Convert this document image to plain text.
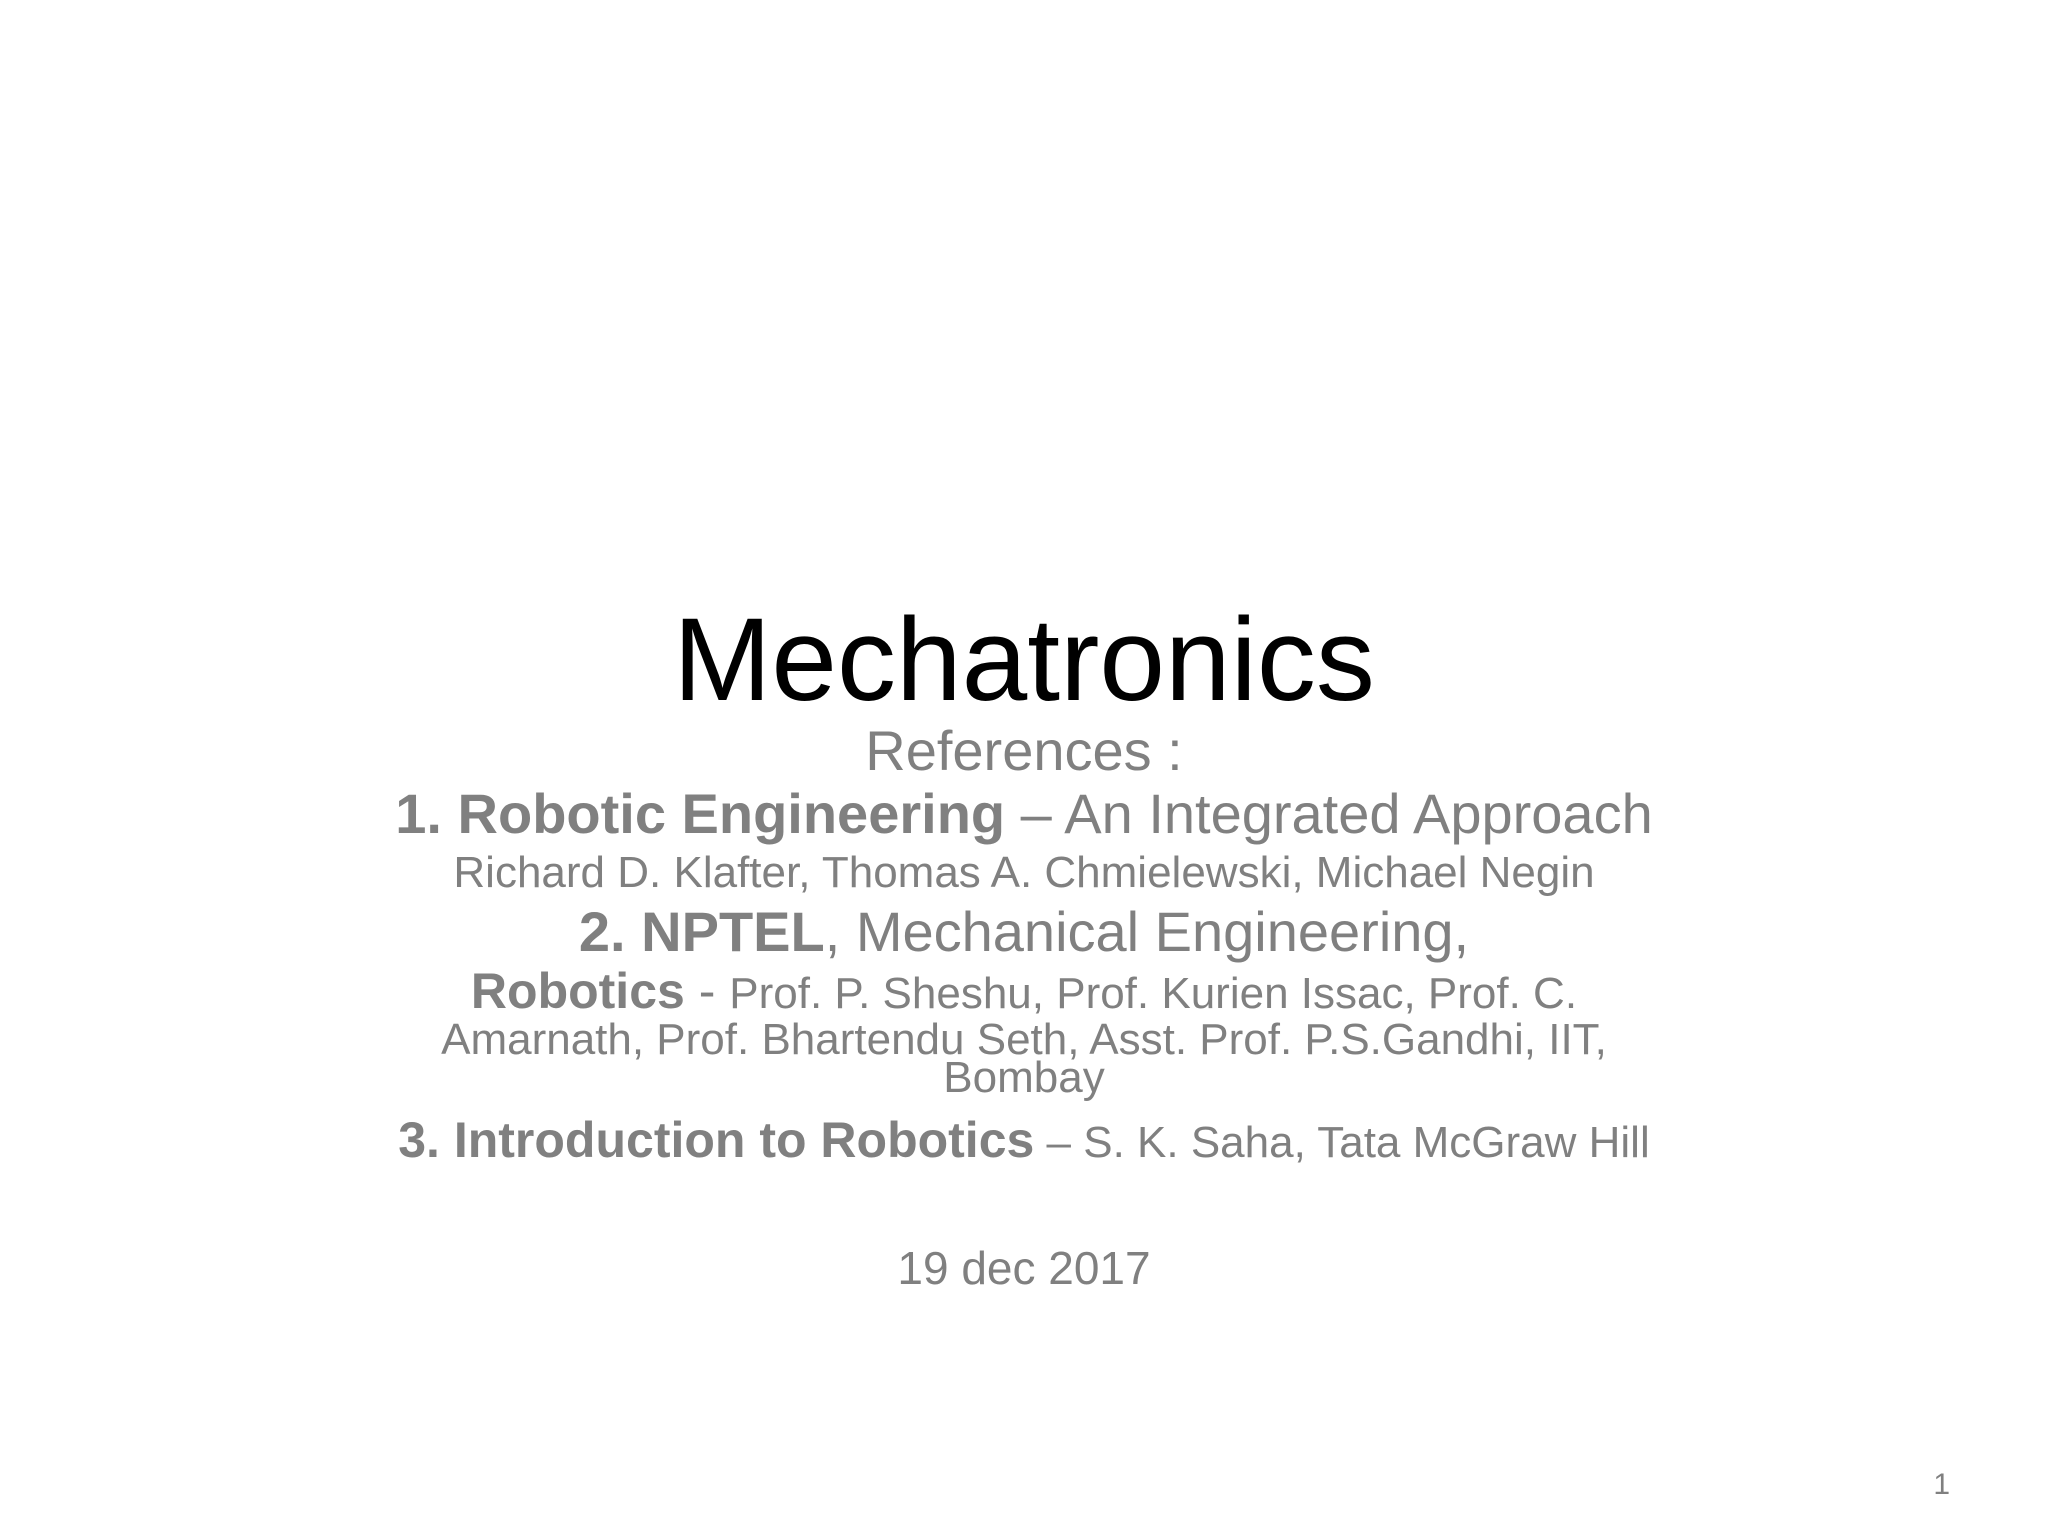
Mechatronics
References :
1. Robotic Engineering – An Integrated Approach
Richard D. Klafter, Thomas A. Chmielewski, Michael Negin
2. NPTEL, Mechanical Engineering,
Robotics - Prof. P. Sheshu, Prof. Kurien Issac, Prof. C.
Amarnath, Prof. Bhartendu Seth, Asst. Prof. P.S.Gandhi, IIT,
Bombay
3. Introduction to Robotics – S. K. Saha, Tata McGraw Hill
19 dec 2017
1
